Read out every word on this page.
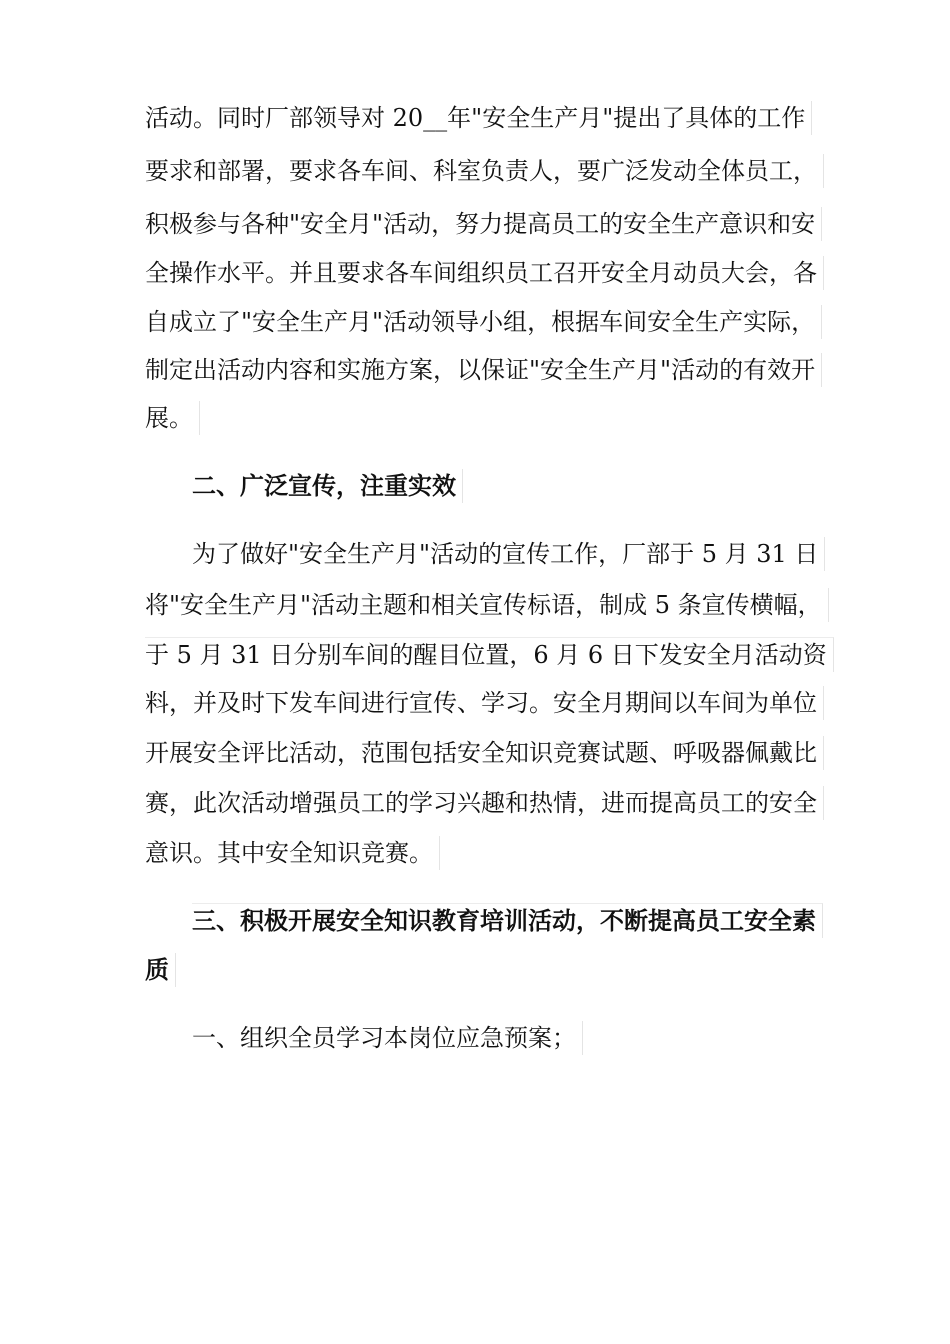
活动。同时厂部领导对 20__年"安全生产月"提出了具体的工作
要求和部署，要求各车间、科室负责人，要广泛发动全体员工，
积极参与各种"安全月"活动，努力提高员工的安全生产意识和安
全操作水平。并且要求各车间组织员工召开安全月动员大会，各
自成立了"安全生产月"活动领导小组，根据车间安全生产实际，
制定出活动内容和实施方案，以保证"安全生产月"活动的有效开
展。
二、广泛宣传，注重实效
为了做好"安全生产月"活动的宣传工作，厂部于 5 月 31 日
将"安全生产月"活动主题和相关宣传标语，制成 5 条宣传横幅，
于 5 月 31 日分别车间的醒目位置，6 月 6 日下发安全月活动资
料，并及时下发车间进行宣传、学习。安全月期间以车间为单位
开展安全评比活动，范围包括安全知识竞赛试题、呼吸器佩戴比
赛，此次活动增强员工的学习兴趣和热情，进而提高员工的安全
意识。其中安全知识竞赛。
三、积极开展安全知识教育培训活动，不断提高员工安全素
质
一、组织全员学习本岗位应急预案；
